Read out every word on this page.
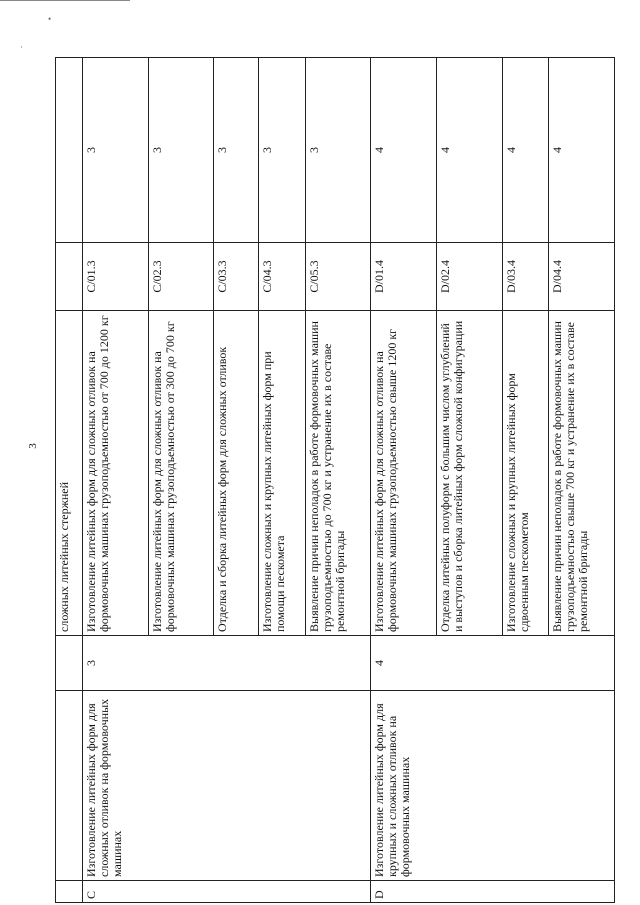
•
·
3
			сложных литейных стержней		
C	Изготовление литейных форм для сложных отливок на формовочных машинах	3	Изготовление литейных форм для сложных отливок на формовочных машинах грузоподъемностью от 700 до 1200 кг	C/01.3	3
			Изготовление литейных форм для сложных отливок на формовочных машинах грузоподъемностью от 300 до 700 кг	C/02.3	3
			Отделка и сборка литейных форм для сложных отливок	C/03.3	3
			Изготовление сложных и крупных литейных форм при помощи пескомета	C/04.3	3
			Выявление причин неполадок в работе формовочных машин грузоподъемностью до 700 кг и устранение их в составе ремонтной бригады	C/05.3	3
D	Изготовление литейных форм для крупных и сложных отливок на формовочных машинах	4	Изготовление литейных форм для сложных отливок на формовочных машинах грузоподъемностью свыше 1200 кг	D/01.4	4
			Отделка литейных полуформ с большим числом углублений и выступов и сборка литейных форм сложной конфигурации	D/02.4	4
			Изготовление сложных и крупных литейных форм сдвоенным пескометом	D/03.4	4
			Выявление причин неполадок в работе формовочных машин грузоподъемностью свыше 700 кг и устранение их в составе ремонтной бригады	D/04.4	4
